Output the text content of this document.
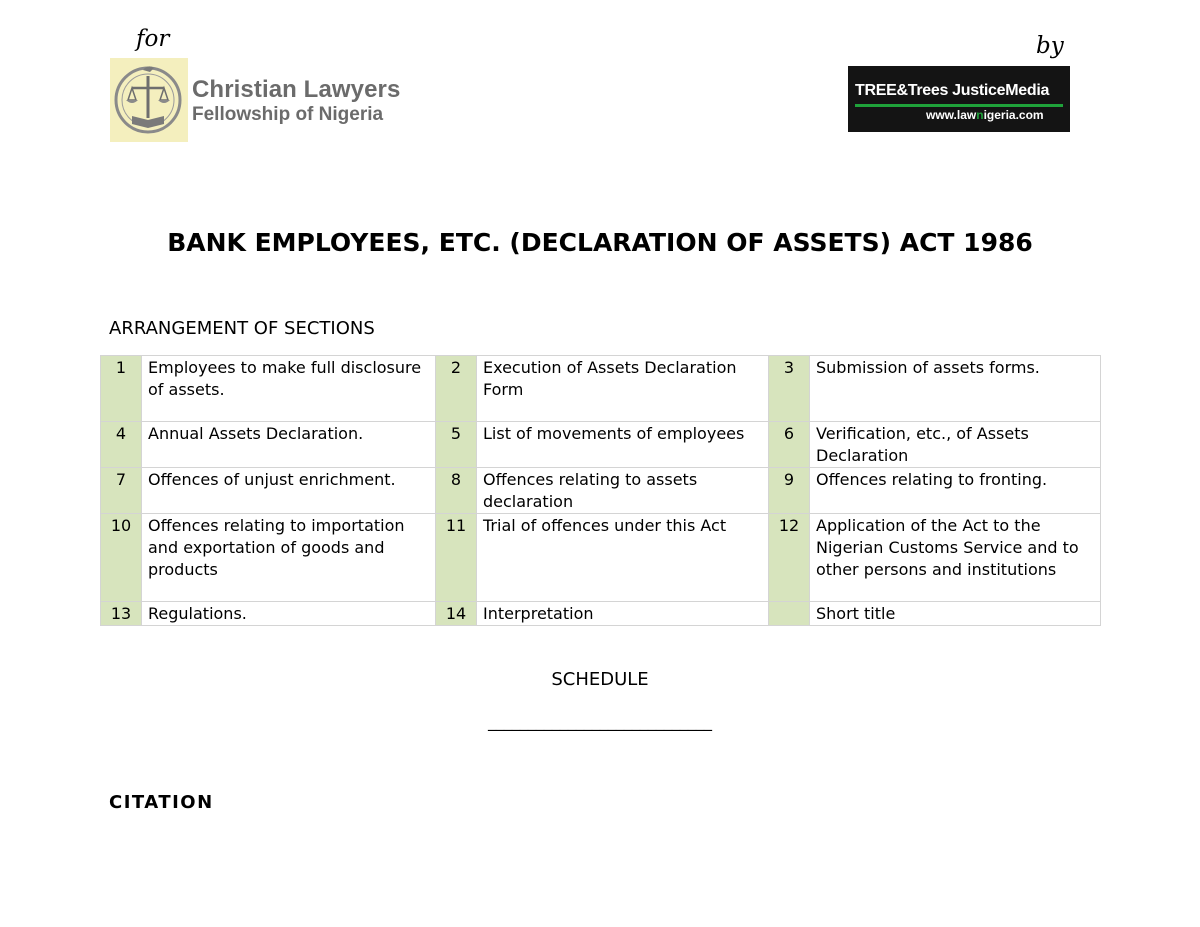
for	by
Christian Lawyers
Fellowship of Nigeria
TREE&Trees JusticeMedia
www.lawnigeria.com
BANK EMPLOYEES, ETC. (DECLARATION OF ASSETS) ACT 1986
ARRANGEMENT OF SECTIONS
1	Employees to make full disclosure of assets.	2	Execution of Assets Declaration Form	3	Submission of assets forms.
4	Annual Assets Declaration.	5	List of movements of employees	6	Verification, etc., of Assets Declaration
7	Offences of unjust enrichment.	8	Offences relating to assets declaration	9	Offences relating to fronting.
10	Offences relating to importation and exportation of goods and products	11	Trial of offences under this Act	12	Application of the Act to the Nigerian Customs Service and to other persons and institutions
13	Regulations.	14	Interpretation		Short title
SCHEDULE
____________________________
CITATION
